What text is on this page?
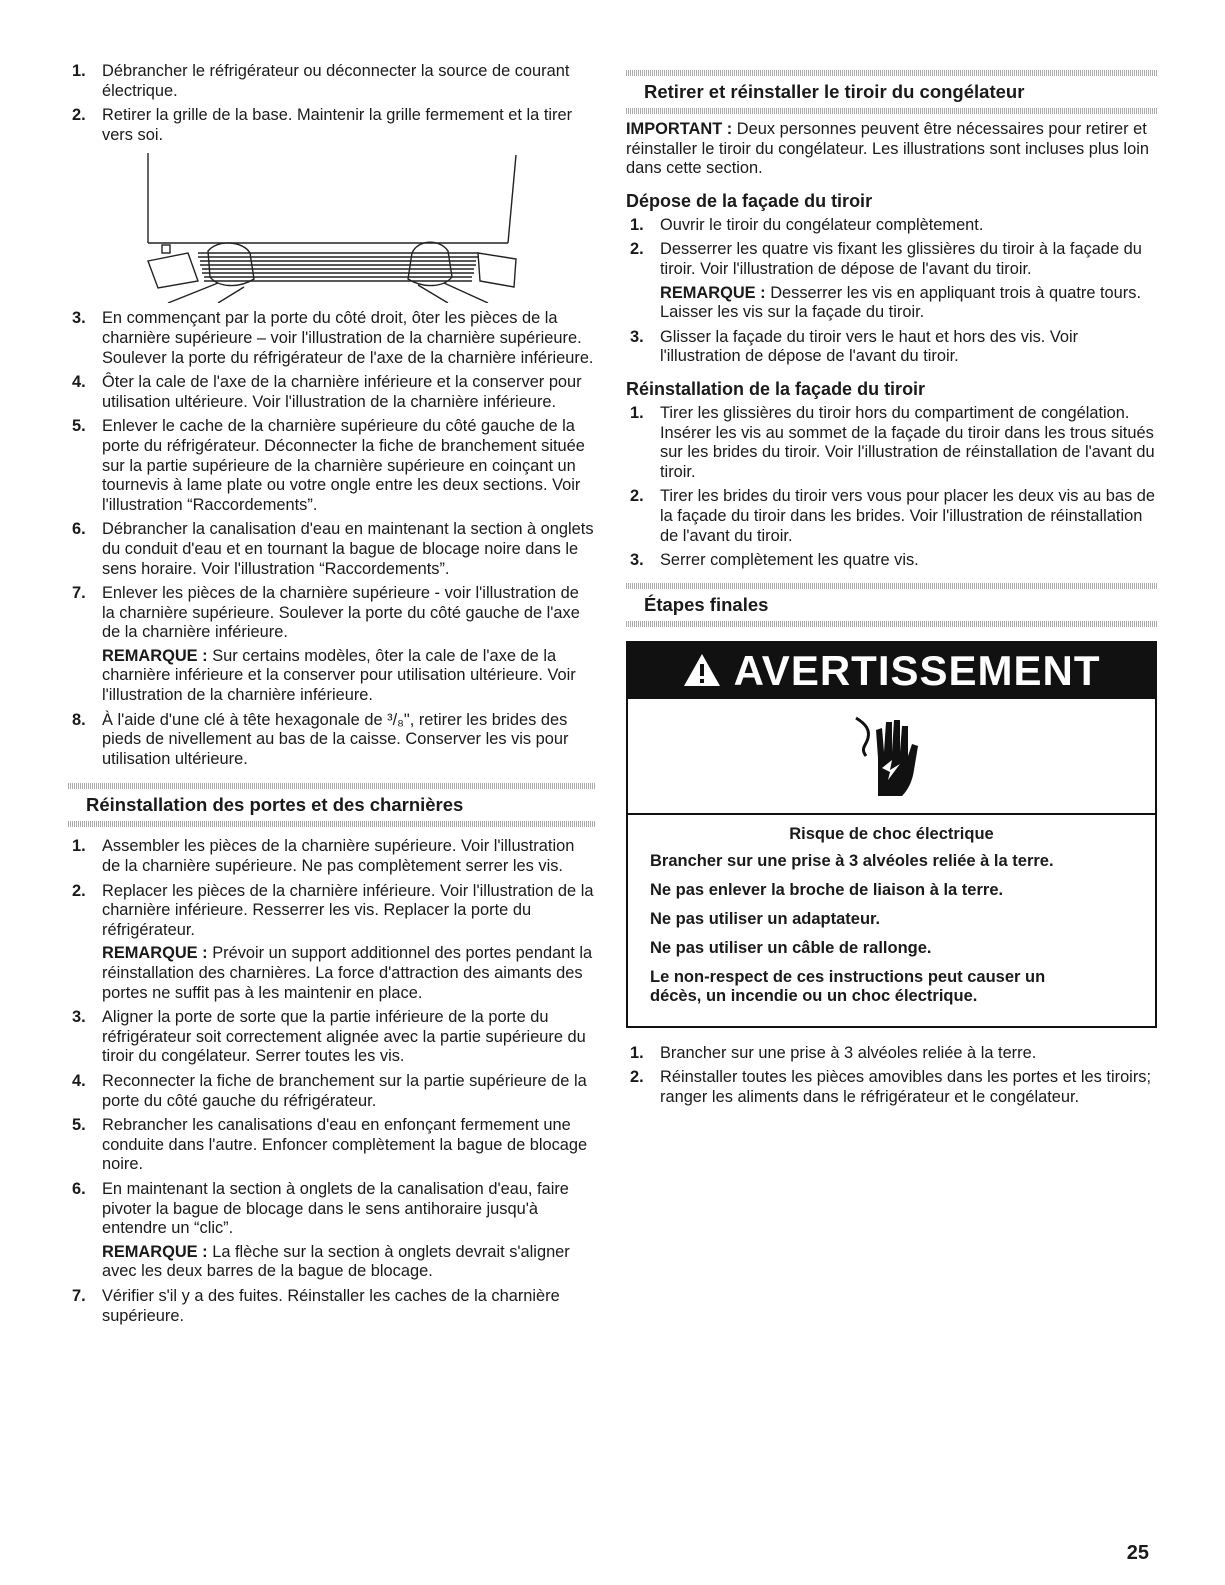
1. Débrancher le réfrigérateur ou déconnecter la source de courant électrique.
2. Retirer la grille de la base. Maintenir la grille fermement et la tirer vers soi.
3. En commençant par la porte du côté droit, ôter les pièces de la charnière supérieure – voir l'illustration de la charnière supérieure. Soulever la porte du réfrigérateur de l'axe de la charnière inférieure.
4. Ôter la cale de l'axe de la charnière inférieure et la conserver pour utilisation ultérieure. Voir l'illustration de la charnière inférieure.
5. Enlever le cache de la charnière supérieure du côté gauche de la porte du réfrigérateur. Déconnecter la fiche de branchement située sur la partie supérieure de la charnière supérieure en coinçant un tournevis à lame plate ou votre ongle entre les deux sections. Voir l'illustration “Raccordements”.
6. Débrancher la canalisation d'eau en maintenant la section à onglets du conduit d'eau et en tournant la bague de blocage noire dans le sens horaire. Voir l'illustration “Raccordements”.
7. Enlever les pièces de la charnière supérieure - voir l'illustration de la charnière supérieure. Soulever la porte du côté gauche de l'axe de la charnière inférieure.
REMARQUE : Sur certains modèles, ôter la cale de l'axe de la charnière inférieure et la conserver pour utilisation ultérieure. Voir l'illustration de la charnière inférieure.
8. À l'aide d'une clé à tête hexagonale de ³/₈", retirer les brides des pieds de nivellement au bas de la caisse. Conserver les vis pour utilisation ultérieure.
Réinstallation des portes et des charnières
1. Assembler les pièces de la charnière supérieure. Voir l'illustration de la charnière supérieure. Ne pas complètement serrer les vis.
2. Replacer les pièces de la charnière inférieure. Voir l'illustration de la charnière inférieure. Resserrer les vis. Replacer la porte du réfrigérateur.
REMARQUE : Prévoir un support additionnel des portes pendant la réinstallation des charnières. La force d'attraction des aimants des portes ne suffit pas à les maintenir en place.
3. Aligner la porte de sorte que la partie inférieure de la porte du réfrigérateur soit correctement alignée avec la partie supérieure du tiroir du congélateur. Serrer toutes les vis.
4. Reconnecter la fiche de branchement sur la partie supérieure de la porte du côté gauche du réfrigérateur.
5. Rebrancher les canalisations d'eau en enfonçant fermement une conduite dans l'autre. Enfoncer complètement la bague de blocage noire.
6. En maintenant la section à onglets de la canalisation d'eau, faire pivoter la bague de blocage dans le sens antihoraire jusqu'à entendre un “clic”.
REMARQUE : La flèche sur la section à onglets devrait s'aligner avec les deux barres de la bague de blocage.
7. Vérifier s'il y a des fuites. Réinstaller les caches de la charnière supérieure.
Retirer et réinstaller le tiroir du congélateur

IMPORTANT : Deux personnes peuvent être nécessaires pour retirer et réinstaller le tiroir du congélateur. Les illustrations sont incluses plus loin dans cette section.

Dépose de la façade du tiroir
1. Ouvrir le tiroir du congélateur complètement.
2. Desserrer les quatre vis fixant les glissières du tiroir à la façade du tiroir. Voir l'illustration de dépose de l'avant du tiroir.
REMARQUE : Desserrer les vis en appliquant trois à quatre tours. Laisser les vis sur la façade du tiroir.
3. Glisser la façade du tiroir vers le haut et hors des vis. Voir l'illustration de dépose de l'avant du tiroir.
Réinstallation de la façade du tiroir
1. Tirer les glissières du tiroir hors du compartiment de congélation. Insérer les vis au sommet de la façade du tiroir dans les trous situés sur les brides du tiroir. Voir l'illustration de réinstallation de l'avant du tiroir.
2. Tirer les brides du tiroir vers vous pour placer les deux vis au bas de la façade du tiroir dans les brides. Voir l'illustration de réinstallation de l'avant du tiroir.
3. Serrer complètement les quatre vis.
Étapes finales
AVERTISSEMENT
Risque de choc électrique
Brancher sur une prise à 3 alvéoles reliée à la terre.
Ne pas enlever la broche de liaison à la terre.
Ne pas utiliser un adaptateur.
Ne pas utiliser un câble de rallonge.
Le non-respect de ces instructions peut causer un décès, un incendie ou un choc électrique.
1. Brancher sur une prise à 3 alvéoles reliée à la terre.
2. Réinstaller toutes les pièces amovibles dans les portes et les tiroirs; ranger les aliments dans le réfrigérateur et le congélateur.
25
